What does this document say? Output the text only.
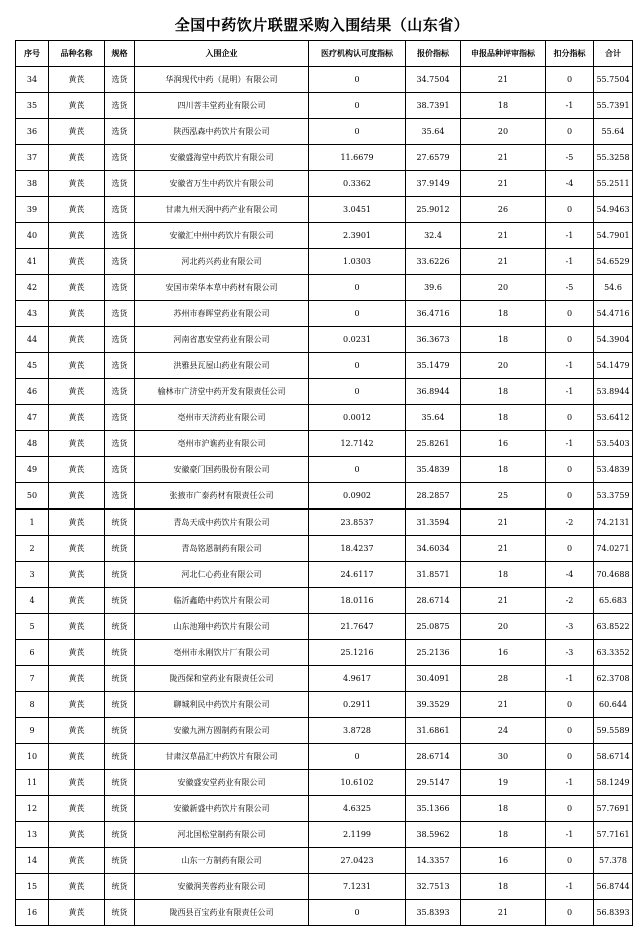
全国中药饮片联盟采购入围结果（山东省）
序号	品种名称	规格	入围企业	医疗机构认可度指标	报价指标	申报品种评审指标	扣分指标	合计
34	黄芪	选货	华润现代中药（昆明）有限公司	0	34.7504	21	0	55.7504
35	黄芪	选货	四川菩丰堂药业有限公司	0	38.7391	18	-1	55.7391
36	黄芪	选货	陕西泓森中药饮片有限公司	0	35.64	20	0	55.64
37	黄芪	选货	安徽盛海堂中药饮片有限公司	11.6679	27.6579	21	-5	55.3258
38	黄芪	选货	安徽省万生中药饮片有限公司	0.3362	37.9149	21	-4	55.2511
39	黄芪	选货	甘肃九州天润中药产业有限公司	3.0451	25.9012	26	0	54.9463
40	黄芪	选货	安徽汇中州中药饮片有限公司	2.3901	32.4	21	-1	54.7901
41	黄芪	选货	河北药兴药业有限公司	1.0303	33.6226	21	-1	54.6529
42	黄芪	选货	安国市荣华本草中药材有限公司	0	39.6	20	-5	54.6
43	黄芪	选货	苏州市春晖堂药业有限公司	0	36.4716	18	0	54.4716
44	黄芪	选货	河南省惠安堂药业有限公司	0.0231	36.3673	18	0	54.3904
45	黄芪	选货	洪雅县瓦屋山药业有限公司	0	35.1479	20	-1	54.1479
46	黄芪	选货	榆林市广济堂中药开发有限责任公司	0	36.8944	18	-1	53.8944
47	黄芪	选货	亳州市天济药业有限公司	0.0012	35.64	18	0	53.6412
48	黄芪	选货	亳州市沪谯药业有限公司	12.7142	25.8261	16	-1	53.5403
49	黄芪	选货	安徽豪门国药股份有限公司	0	35.4839	18	0	53.4839
50	黄芪	选货	张掖市广泰药材有限责任公司	0.0902	28.2857	25	0	53.3759
1	黄芪	统货	青岛天成中药饮片有限公司	23.8537	31.3594	21	-2	74.2131
2	黄芪	统货	青岛铭恩制药有限公司	18.4237	34.6034	21	0	74.0271
3	黄芪	统货	河北仁心药业有限公司	24.6117	31.8571	18	-4	70.4688
4	黄芪	统货	临沂鑫皓中药饮片有限公司	18.0116	28.6714	21	-2	65.683
5	黄芪	统货	山东池翔中药饮片有限公司	21.7647	25.0875	20	-3	63.8522
6	黄芪	统货	亳州市永刚饮片厂有限公司	25.1216	25.2136	16	-3	63.3352
7	黄芪	统货	陇西保和堂药业有限责任公司	4.9617	30.4091	28	-1	62.3708
8	黄芪	统货	聊城利民中药饮片有限公司	0.2911	39.3529	21	0	60.644
9	黄芪	统货	安徽九洲方圆制药有限公司	3.8728	31.6861	24	0	59.5589
10	黄芪	统货	甘肃汉草晶汇中药饮片有限公司	0	28.6714	30	0	58.6714
11	黄芪	统货	安徽盛安堂药业有限公司	10.6102	29.5147	19	-1	58.1249
12	黄芪	统货	安徽新盛中药饮片有限公司	4.6325	35.1366	18	0	57.7691
13	黄芪	统货	河北国松堂制药有限公司	2.1199	38.5962	18	-1	57.7161
14	黄芪	统货	山东一方制药有限公司	27.0423	14.3357	16	0	57.378
15	黄芪	统货	安徽润芙蓉药业有限公司	7.1231	32.7513	18	-1	56.8744
16	黄芪	统货	陇西县百宝药业有限责任公司	0	35.8393	21	0	56.8393
